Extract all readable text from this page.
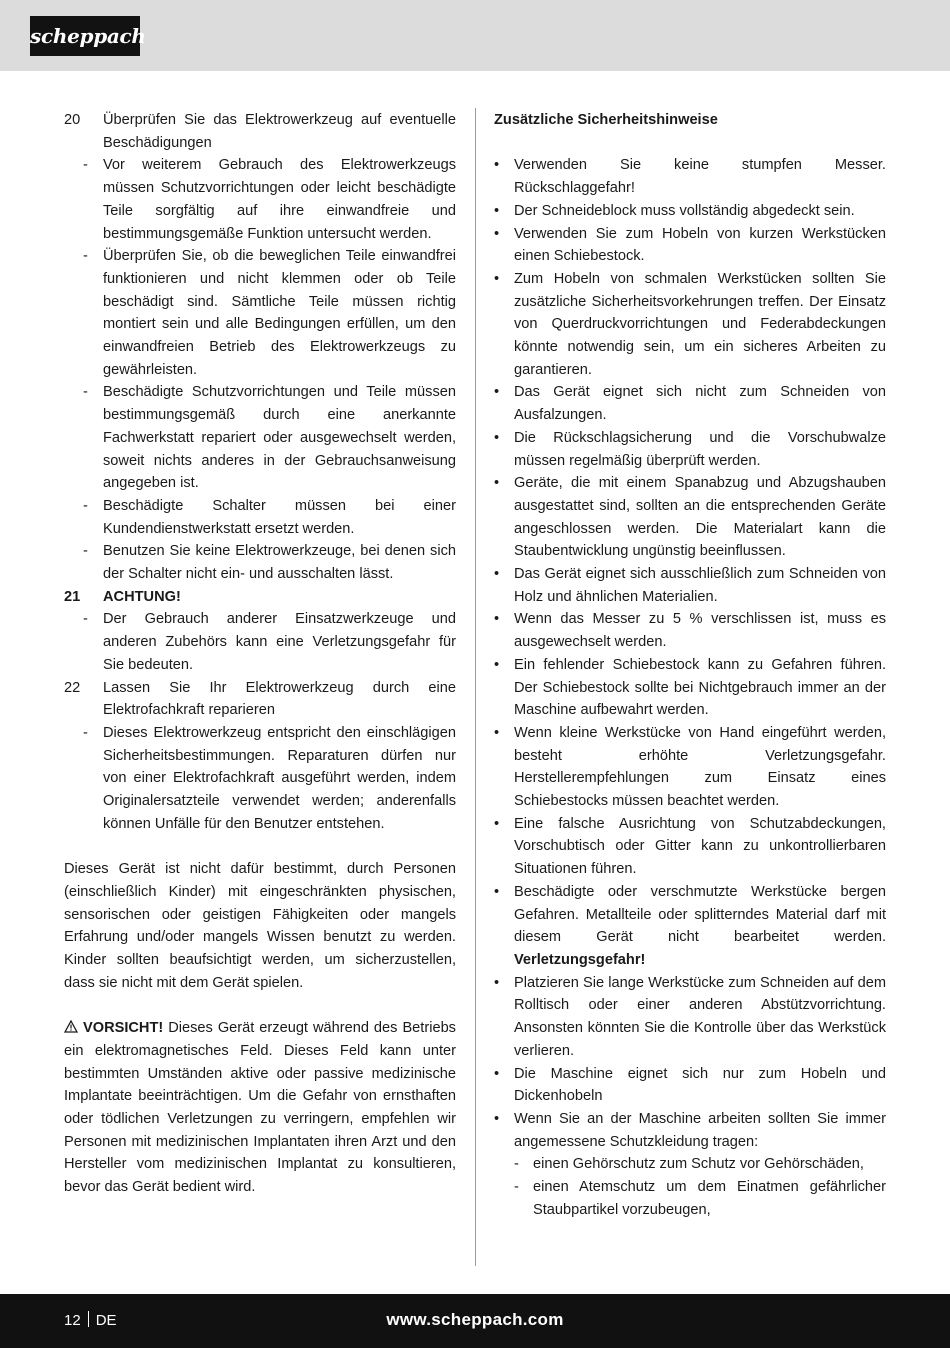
scheppach
20 Überprüfen Sie das Elektrowerkzeug auf eventuelle Beschädigungen
- Vor weiterem Gebrauch des Elektrowerkzeugs müssen Schutzvorrichtungen oder leicht beschädigte Teile sorgfältig auf ihre einwandfreie und bestimmungsgemäße Funktion untersucht werden.
- Überprüfen Sie, ob die beweglichen Teile einwandfrei funktionieren und nicht klemmen oder ob Teile beschädigt sind. Sämtliche Teile müssen richtig montiert sein und alle Bedingungen erfüllen, um den einwandfreien Betrieb des Elektrowerkzeugs zu gewährleisten.
- Beschädigte Schutzvorrichtungen und Teile müssen bestimmungsgemäß durch eine anerkannte Fachwerkstatt repariert oder ausgewechselt werden, soweit nichts anderes in der Gebrauchsanweisung angegeben ist.
- Beschädigte Schalter müssen bei einer Kundendienstwerkstatt ersetzt werden.
- Benutzen Sie keine Elektrowerkzeuge, bei denen sich der Schalter nicht ein- und ausschalten lässt.
21 ACHTUNG!
- Der Gebrauch anderer Einsatzwerkzeuge und anderen Zubehörs kann eine Verletzungsgefahr für Sie bedeuten.
22 Lassen Sie Ihr Elektrowerkzeug durch eine Elektrofachkraft reparieren
- Dieses Elektrowerkzeug entspricht den einschlägigen Sicherheitsbestimmungen. Reparaturen dürfen nur von einer Elektrofachkraft ausgeführt werden, indem Originalersatzteile verwendet werden; anderenfalls können Unfälle für den Benutzer entstehen.
Dieses Gerät ist nicht dafür bestimmt, durch Personen (einschließlich Kinder) mit eingeschränkten physischen, sensorischen oder geistigen Fähigkeiten oder mangels Erfahrung und/oder mangels Wissen benutzt zu werden. Kinder sollten beaufsichtigt werden, um sicherzustellen, dass sie nicht mit dem Gerät spielen.
VORSICHT! Dieses Gerät erzeugt während des Betriebs ein elektromagnetisches Feld. Dieses Feld kann unter bestimmten Umständen aktive oder passive medizinische Implantate beeinträchtigen. Um die Gefahr von ernsthaften oder tödlichen Verletzungen zu verringern, empfehlen wir Personen mit medizinischen Implantaten ihren Arzt und den Hersteller vom medizinischen Implantat zu konsultieren, bevor das Gerät bedient wird.
Zusätzliche Sicherheitshinweise
• Verwenden Sie keine stumpfen Messer. Rückschlaggefahr!
• Der Schneideblock muss vollständig abgedeckt sein.
• Verwenden Sie zum Hobeln von kurzen Werkstücken einen Schiebestock.
• Zum Hobeln von schmalen Werkstücken sollten Sie zusätzliche Sicherheitsvorkehrungen treffen. Der Einsatz von Querdruckvorrichtungen und Federabdeckungen könnte notwendig sein, um ein sicheres Arbeiten zu garantieren.
• Das Gerät eignet sich nicht zum Schneiden von Ausfalzungen.
• Die Rückschlagsicherung und die Vorschubwalze müssen regelmäßig überprüft werden.
• Geräte, die mit einem Spanabzug und Abzugshauben ausgestattet sind, sollten an die entsprechenden Geräte angeschlossen werden. Die Materialart kann die Staubentwicklung ungünstig beeinflussen.
• Das Gerät eignet sich ausschließlich zum Schneiden von Holz und ähnlichen Materialien.
• Wenn das Messer zu 5 % verschlissen ist, muss es ausgewechselt werden.
• Ein fehlender Schiebestock kann zu Gefahren führen. Der Schiebestock sollte bei Nichtgebrauch immer an der Maschine aufbewahrt werden.
• Wenn kleine Werkstücke von Hand eingeführt werden, besteht erhöhte Verletzungsgefahr. Herstellerempfehlungen zum Einsatz eines Schiebestocks müssen beachtet werden.
• Eine falsche Ausrichtung von Schutzabdeckungen, Vorschubtisch oder Gitter kann zu unkontrollierbaren Situationen führen.
• Beschädigte oder verschmutzte Werkstücke bergen Gefahren. Metallteile oder splitterndes Material darf mit diesem Gerät nicht bearbeitet werden. Verletzungsgefahr!
• Platzieren Sie lange Werkstücke zum Schneiden auf dem Rolltisch oder einer anderen Abstützvorrichtung. Ansonsten könnten Sie die Kontrolle über das Werkstück verlieren.
• Die Maschine eignet sich nur zum Hobeln und Dickenhobeln
• Wenn Sie an der Maschine arbeiten sollten Sie immer angemessene Schutzkleidung tragen:
- einen Gehörschutz zum Schutz vor Gehörschäden,
- einen Atemschutz um dem Einatmen gefährlicher Staubpartikel vorzubeugen,
12 DE	www.scheppach.com
